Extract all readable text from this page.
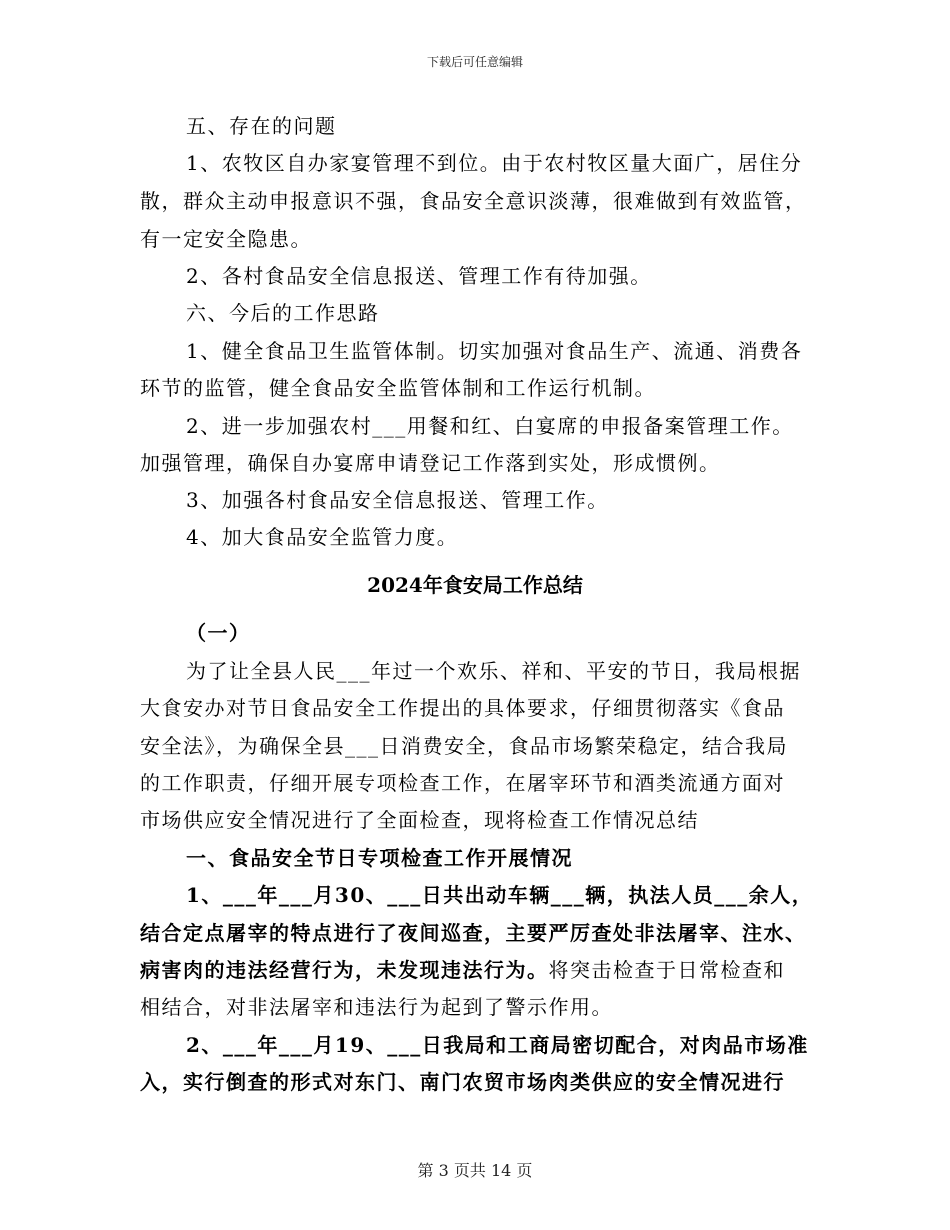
下载后可任意编辑
五、存在的问题
1、农牧区自办家宴管理不到位。由于农村牧区量大面广，居住分
散，群众主动申报意识不强，食品安全意识淡薄，很难做到有效监管，
有一定安全隐患。
2、各村食品安全信息报送、管理工作有待加强。
六、今后的工作思路
1、健全食品卫生监管体制。切实加强对食品生产、流通、消费各
环节的监管，健全食品安全监管体制和工作运行机制。
2、进一步加强农村___用餐和红、白宴席的申报备案管理工作。
加强管理，确保自办宴席申请登记工作落到实处，形成惯例。
3、加强各村食品安全信息报送、管理工作。
4、加大食品安全监管力度。
2024年食安局工作总结
（一）
为了让全县人民___年过一个欢乐、祥和、平安的节日，我局根据
大食安办对节日食品安全工作提出的具体要求，仔细贯彻落实《食品
安全法》，为确保全县___日消费安全，食品市场繁荣稳定，结合我局
的工作职责，仔细开展专项检查工作，在屠宰环节和酒类流通方面对
市场供应安全情况进行了全面检查，现将检查工作情况总结
一、食品安全节日专项检查工作开展情况
1、___年___月30、___日共出动车辆___辆，执法人员___余人，
结合定点屠宰的特点进行了夜间巡查，主要严厉查处非法屠宰、注水、
病害肉的违法经营行为，未发现违法行为。将突击检查于日常检查和
相结合，对非法屠宰和违法行为起到了警示作用。
2、___年___月19、___日我局和工商局密切配合，对肉品市场准
入，实行倒查的形式对东门、南门农贸市场肉类供应的安全情况进行
第 3 页共 14 页
